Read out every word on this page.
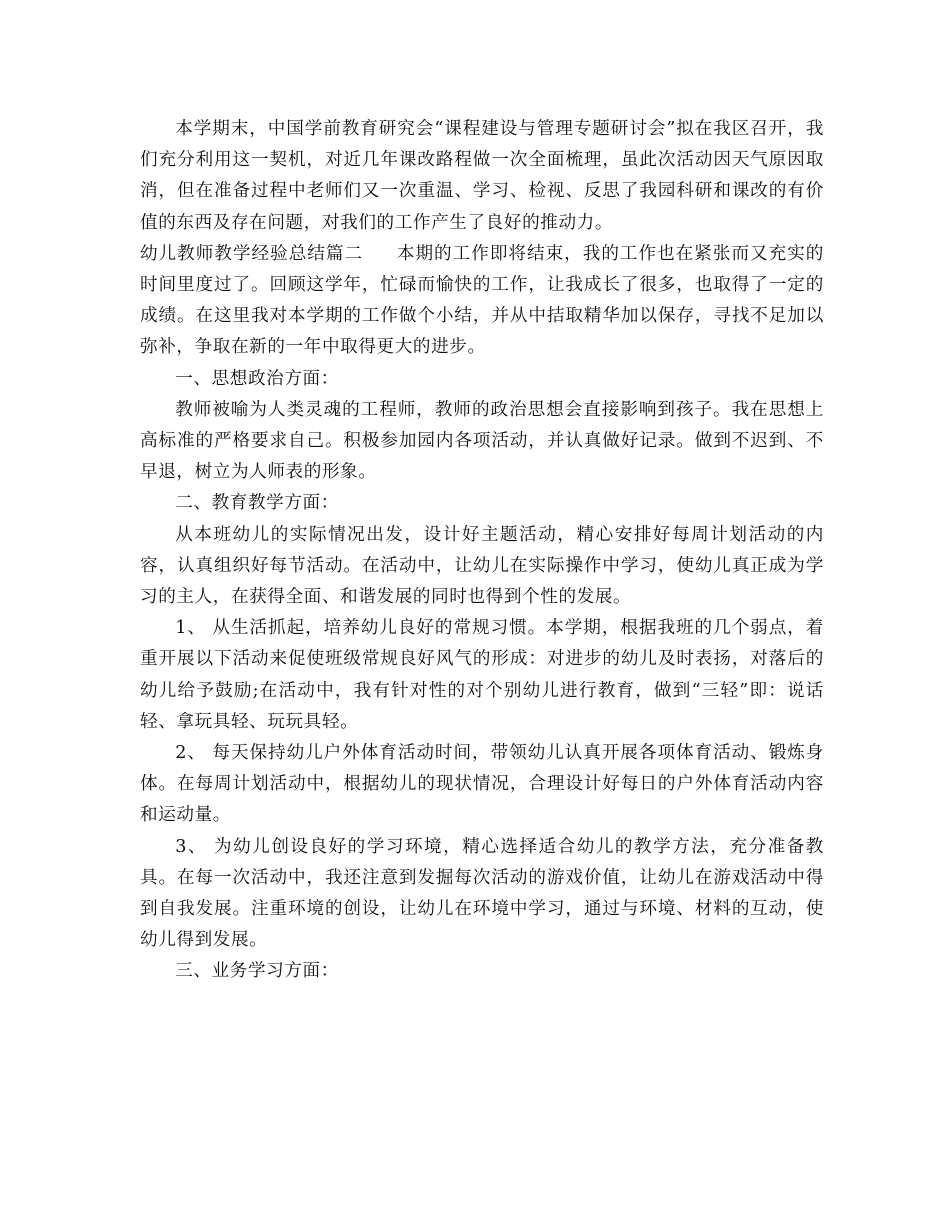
本学期末，中国学前教育研究会“课程建设与管理专题研讨会”拟在我区召开，我们充分利用这一契机，对近几年课改路程做一次全面梳理，虽此次活动因天气原因取消，但在准备过程中老师们又一次重温、学习、检视、反思了我园科研和课改的有价值的东西及存在问题，对我们的工作产生了良好的推动力。

幼儿教师教学经验总结篇二 本期的工作即将结束，我的工作也在紧张而又充实的时间里度过了。回顾这学年，忙碌而愉快的工作，让我成长了很多，也取得了一定的成绩。在这里我对本学期的工作做个小结，并从中拮取精华加以保存，寻找不足加以弥补，争取在新的一年中取得更大的进步。

一、思想政治方面：

教师被喻为人类灵魂的工程师，教师的政治思想会直接影响到孩子。我在思想上高标准的严格要求自己。积极参加园内各项活动，并认真做好记录。做到不迟到、不早退，树立为人师表的形象。

二、教育教学方面：

从本班幼儿的实际情况出发，设计好主题活动，精心安排好每周计划活动的内容，认真组织好每节活动。在活动中，让幼儿在实际操作中学习，使幼儿真正成为学习的主人，在获得全面、和谐发展的同时也得到个性的发展。

1、 从生活抓起，培养幼儿良好的常规习惯。本学期，根据我班的几个弱点，着重开展以下活动来促使班级常规良好风气的形成：对进步的幼儿及时表扬，对落后的幼儿给予鼓励;在活动中，我有针对性的对个别幼儿进行教育，做到“三轻”即：说话轻、拿玩具轻、玩玩具轻。

2、 每天保持幼儿户外体育活动时间，带领幼儿认真开展各项体育活动、锻炼身体。在每周计划活动中，根据幼儿的现状情况，合理设计好每日的户外体育活动内容和运动量。

3、 为幼儿创设良好的学习环境，精心选择适合幼儿的教学方法，充分准备教具。在每一次活动中，我还注意到发掘每次活动的游戏价值，让幼儿在游戏活动中得到自我发展。注重环境的创设，让幼儿在环境中学习，通过与环境、材料的互动，使幼儿得到发展。

三、业务学习方面：
